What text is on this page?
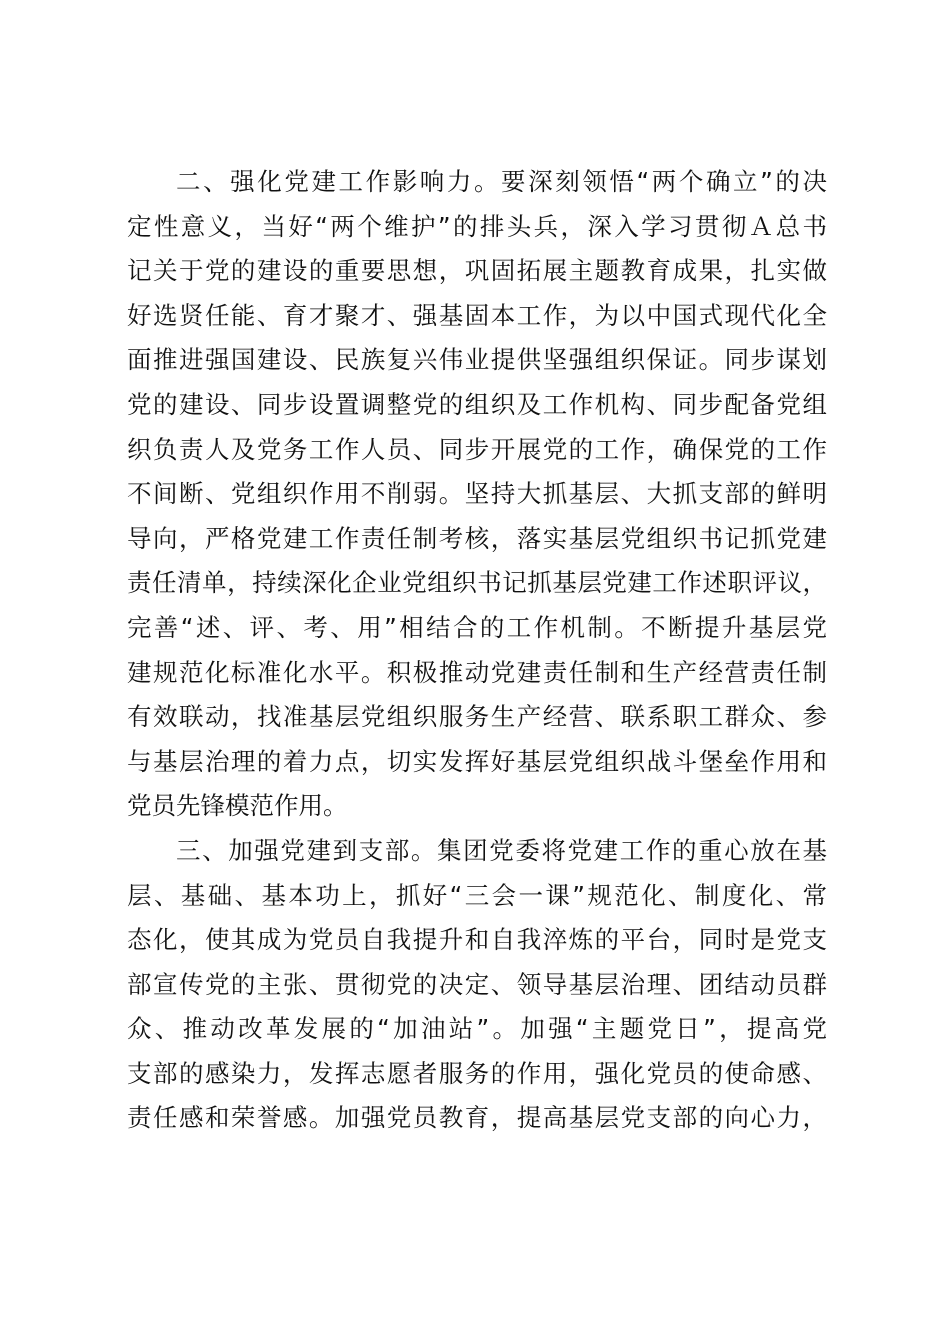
二、强化党建工作影响力。要深刻领悟“两个确立”的决
定性意义，当好“两个维护”的排头兵，深入学习贯彻Ａ总书
记关于党的建设的重要思想，巩固拓展主题教育成果，扎实做
好选贤任能、育才聚才、强基固本工作，为以中国式现代化全
面推进强国建设、民族复兴伟业提供坚强组织保证。同步谋划
党的建设、同步设置调整党的组织及工作机构、同步配备党组
织负责人及党务工作人员、同步开展党的工作，确保党的工作
不间断、党组织作用不削弱。坚持大抓基层、大抓支部的鲜明
导向，严格党建工作责任制考核，落实基层党组织书记抓党建
责任清单，持续深化企业党组织书记抓基层党建工作述职评议，
完善“述、评、考、用”相结合的工作机制。不断提升基层党
建规范化标准化水平。积极推动党建责任制和生产经营责任制
有效联动，找准基层党组织服务生产经营、联系职工群众、参
与基层治理的着力点，切实发挥好基层党组织战斗堡垒作用和
党员先锋模范作用。
三、加强党建到支部。集团党委将党建工作的重心放在基
层、基础、基本功上，抓好“三会一课”规范化、制度化、常
态化，使其成为党员自我提升和自我淬炼的平台，同时是党支
部宣传党的主张、贯彻党的决定、领导基层治理、团结动员群
众、推动改革发展的“加油站”。加强“主题党日”，提高党
支部的感染力，发挥志愿者服务的作用，强化党员的使命感、
责任感和荣誉感。加强党员教育，提高基层党支部的向心力，
